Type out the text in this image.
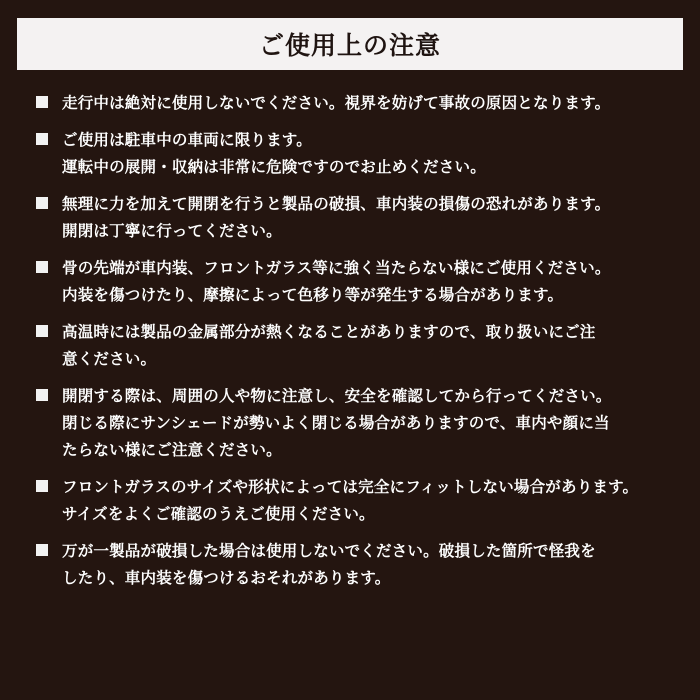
ご使用上の注意
走行中は絶対に使用しないでください。視界を妨げて事故の原因となります。
ご使用は駐車中の車両に限ります。
運転中の展開・収納は非常に危険ですのでお止めください。
無理に力を加えて開閉を行うと製品の破損、車内装の損傷の恐れがあります。
開閉は丁寧に行ってください。
骨の先端が車内装、フロントガラス等に強く当たらない様にご使用ください。
内装を傷つけたり、摩擦によって色移り等が発生する場合があります。
高温時には製品の金属部分が熱くなることがありますので、取り扱いにご注
意ください。
開閉する際は、周囲の人や物に注意し、安全を確認してから行ってください。
閉じる際にサンシェードが勢いよく閉じる場合がありますので、車内や顔に当
たらない様にご注意ください。
フロントガラスのサイズや形状によっては完全にフィットしない場合があります。
サイズをよくご確認のうえご使用ください。
万が一製品が破損した場合は使用しないでください。破損した箇所で怪我を
したり、車内装を傷つけるおそれがあります。
